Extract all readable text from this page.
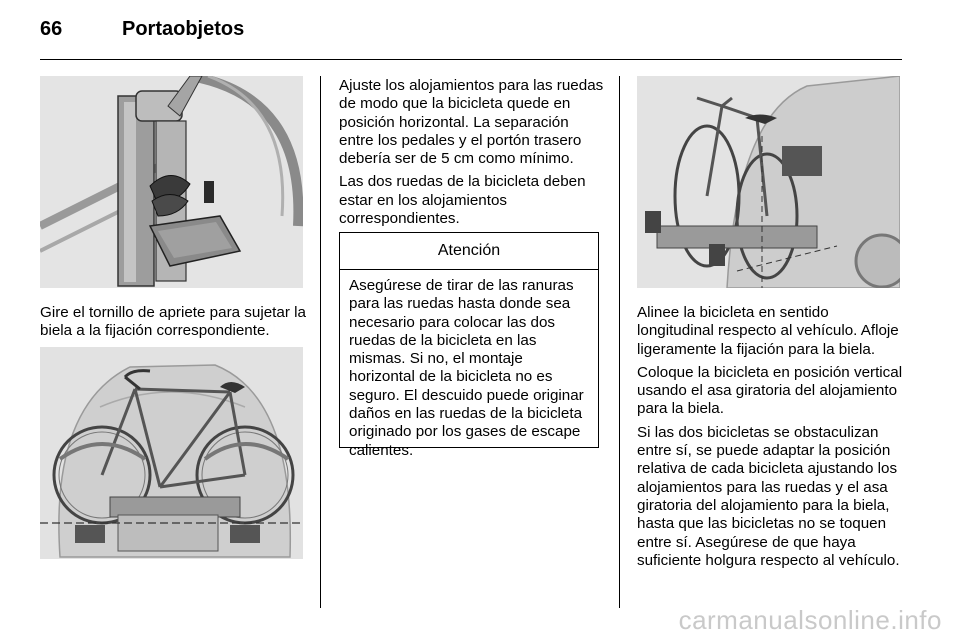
66	Portaobjetos

Gire el tornillo de apriete para sujetar la biela a la fijación correspondiente.

Ajuste los alojamientos para las ruedas de modo que la bicicleta quede en posición horizontal. La separación entre los pedales y el portón trasero debería ser de 5 cm como mínimo.

Las dos ruedas de la bicicleta deben estar en los alojamientos correspondientes.

Atención
Asegúrese de tirar de las ranuras para las ruedas hasta donde sea necesario para colocar las dos ruedas de la bicicleta en las mismas. Si no, el montaje horizontal de la bicicleta no es seguro. El descuido puede originar daños en las ruedas de la bicicleta originado por los gases de escape calientes.

Alinee la bicicleta en sentido longitudinal respecto al vehículo. Afloje ligeramente la fijación para la biela.

Coloque la bicicleta en posición vertical usando el asa giratoria del alojamiento para la biela.

Si las dos bicicletas se obstaculizan entre sí, se puede adaptar la posición relativa de cada bicicleta ajustando los alojamientos para las ruedas y el asa giratoria del alojamiento para la biela, hasta que las bicicletas no se toquen entre sí. Asegúrese de que haya suficiente holgura respecto al vehículo.

carmanualsonline.info
